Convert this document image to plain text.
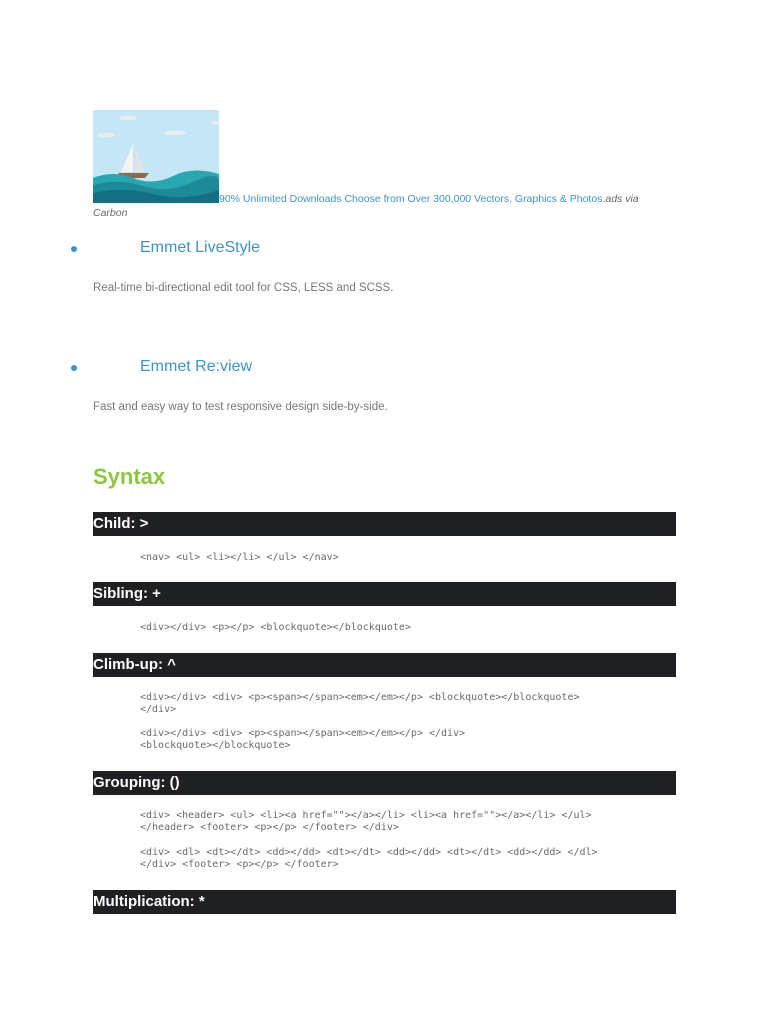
90% Unlimited Downloads Choose from Over 300,000 Vectors, Graphics & Photos.ads via Carbon
Emmet LiveStyle
Real-time bi-directional edit tool for CSS, LESS and SCSS.
Emmet Re:view
Fast and easy way to test responsive design side-by-side.
Syntax
Child: >
<nav> <ul> <li></li> </ul> </nav>
Sibling: +
<div></div> <p></p> <blockquote></blockquote>
Climb-up: ^
<div></div> <div> <p><span></span><em></em></p> <blockquote></blockquote>
</div>
<div></div> <div> <p><span></span><em></em></p> </div>
<blockquote></blockquote>
Grouping: ()
<div> <header> <ul> <li><a href=""></a></li> <li><a href=""></a></li> </ul>
</header> <footer> <p></p> </footer> </div>
<div> <dl> <dt></dt> <dd></dd> <dt></dt> <dd></dd> <dt></dt> <dd></dd> </dl>
</div> <footer> <p></p> </footer>
Multiplication: *
